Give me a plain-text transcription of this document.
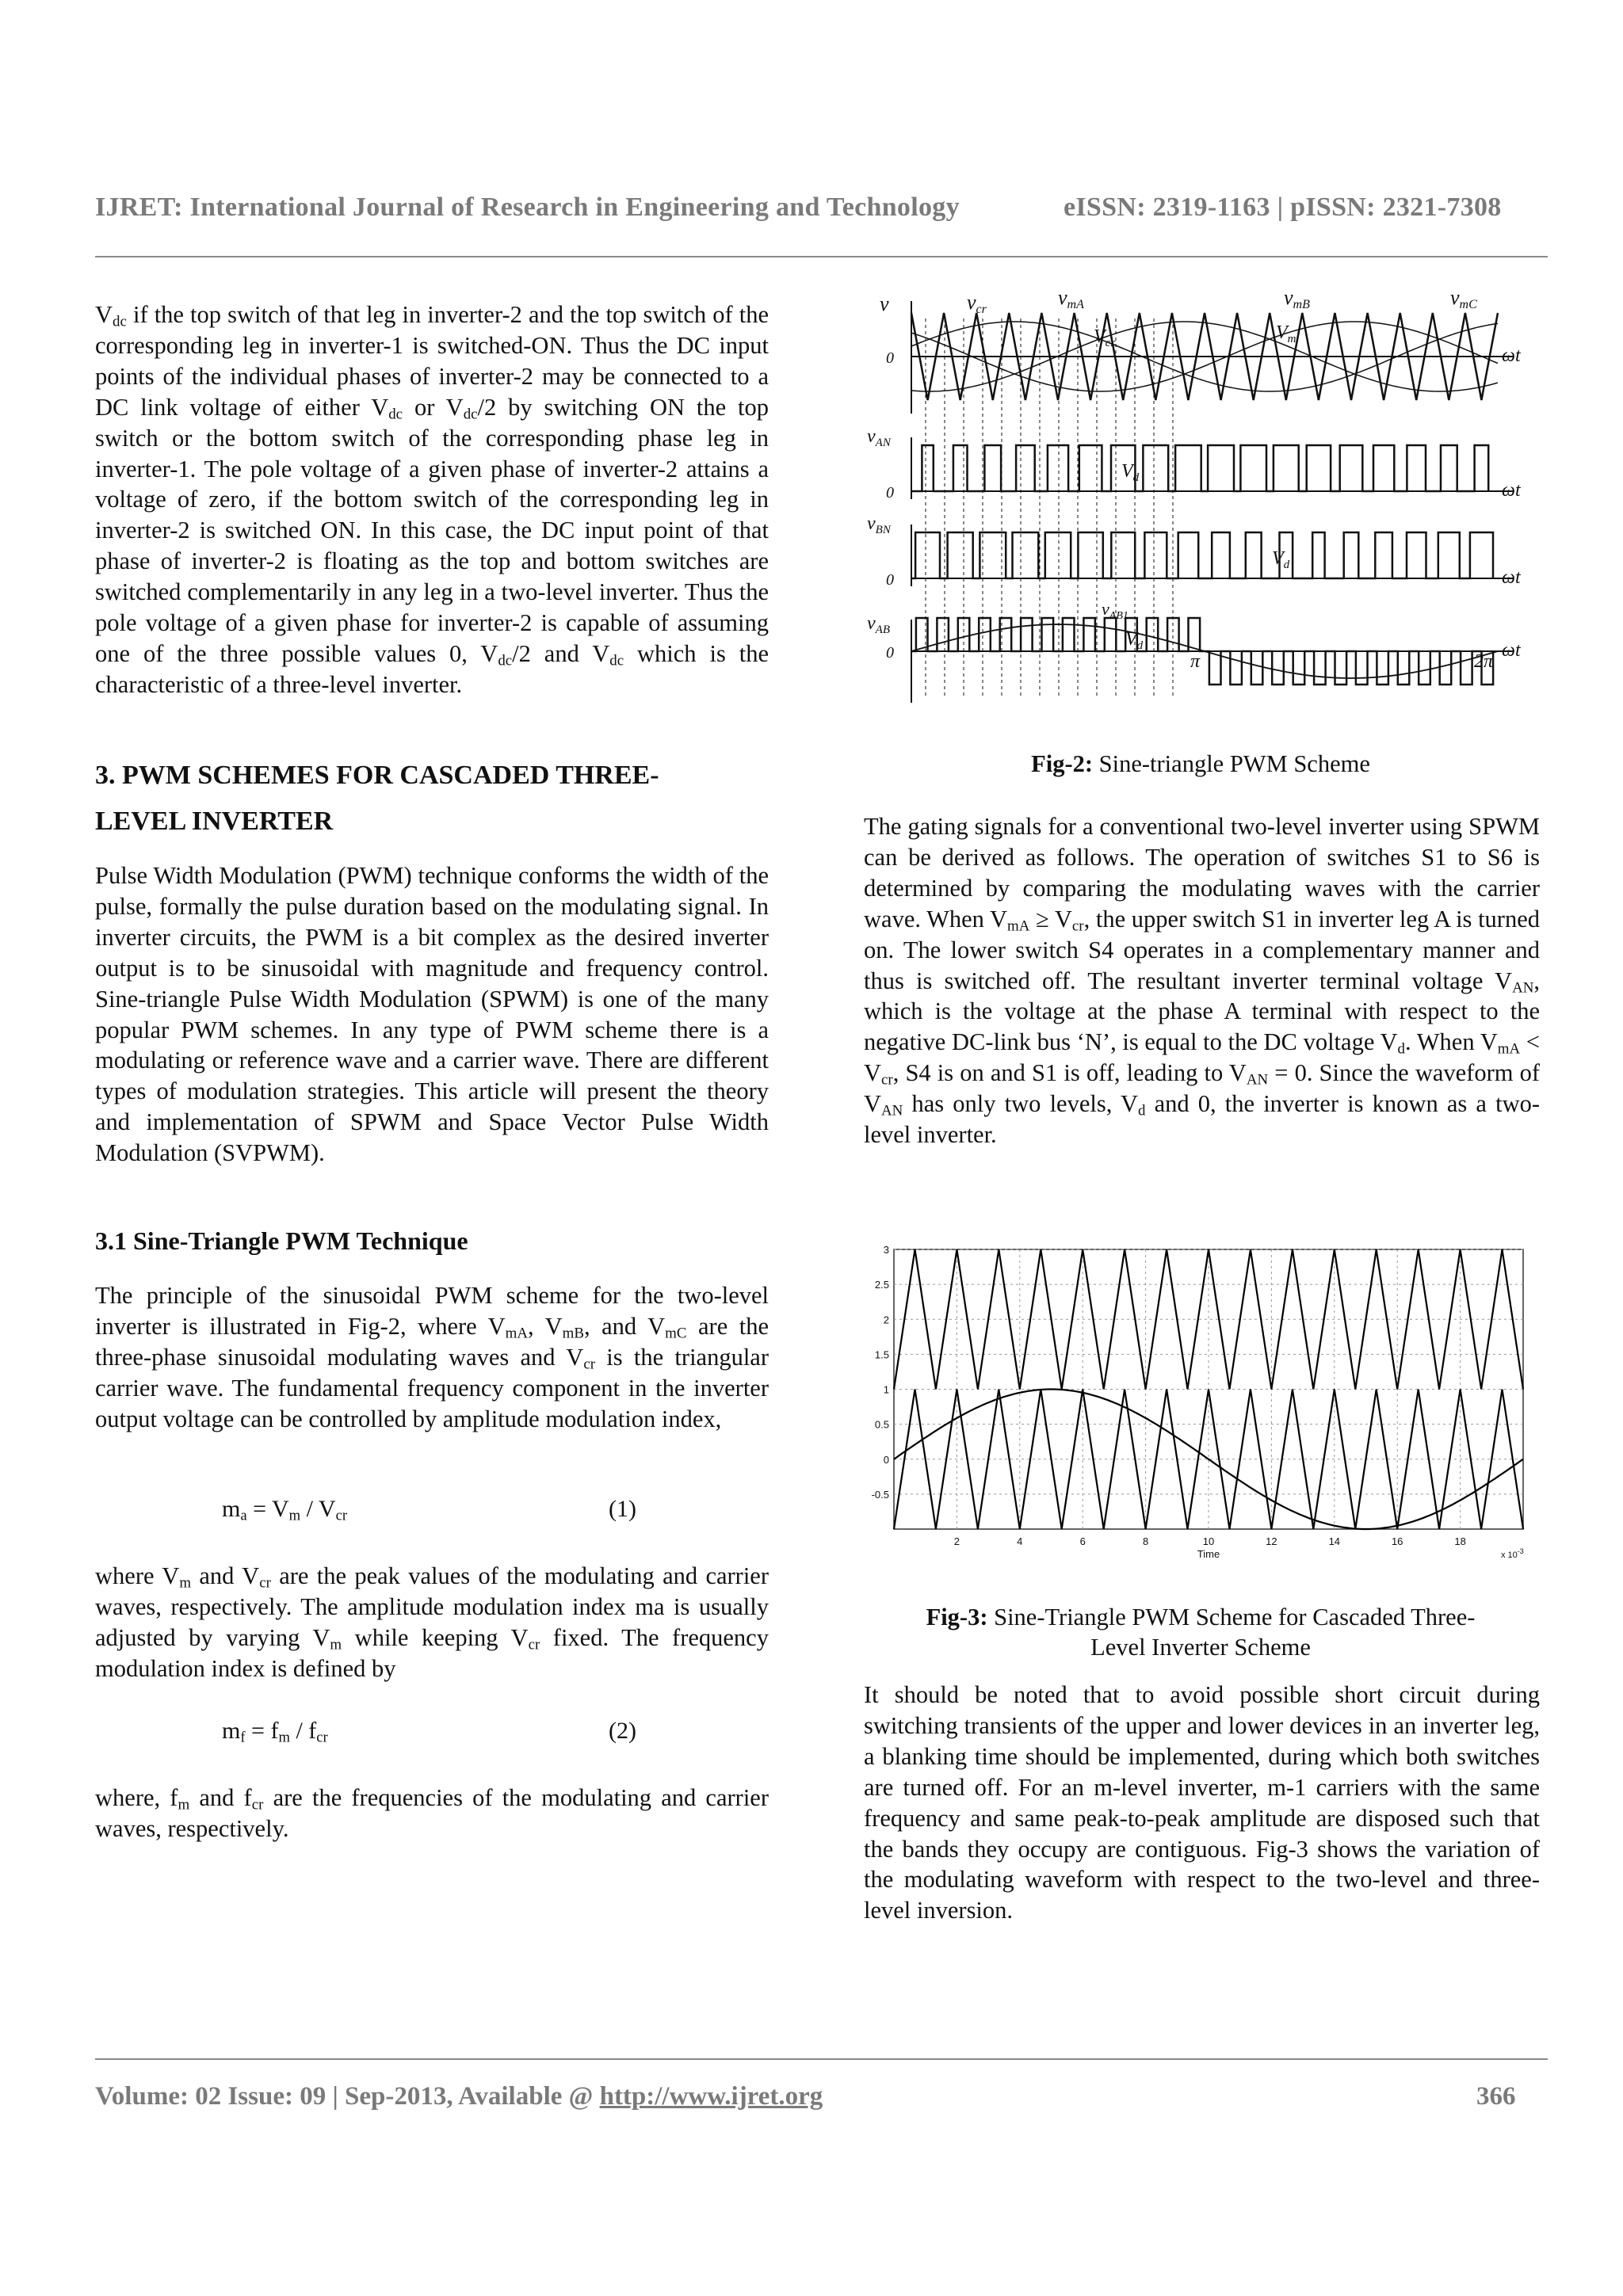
IJRET: International Journal of Research in Engineering and Technology	eISSN: 2319-1163 | pISSN: 2321-7308

$V_{dc}$ if the top switch of that leg in inverter-2 and the top switch of the corresponding leg in inverter-1 is switched-ON. Thus the DC input points of the individual phases of inverter-2 may be connected to a DC link voltage of either $V_{dc}$ or $V_{dc}/2$ by switching ON the top switch or the bottom switch of the corresponding phase leg in inverter-1. The pole voltage of a given phase of inverter-2 attains a voltage of zero, if the bottom switch of the corresponding leg in inverter-2 is switched ON. In this case, the DC input point of that phase of inverter-2 is floating as the top and bottom switches are switched complementarily in any leg in a two-level inverter. Thus the pole voltage of a given phase for inverter-2 is capable of assuming one of the three possible values 0, $V_{dc}/2$ and $V_{dc}$ which is the characteristic of a three-level inverter.

3. PWM SCHEMES FOR CASCADED THREE-
LEVEL INVERTER

Pulse Width Modulation (PWM) technique conforms the width of the pulse, formally the pulse duration based on the modulating signal. In inverter circuits, the PWM is a bit complex as the desired inverter output is to be sinusoidal with magnitude and frequency control. Sine-triangle Pulse Width Modulation (SPWM) is one of the many popular PWM schemes. In any type of PWM scheme there is a modulating or reference wave and a carrier wave. There are different types of modulation strategies. This article will present the theory and implementation of SPWM and Space Vector Pulse Width Modulation (SVPWM).

3.1 Sine-Triangle PWM Technique

The principle of the sinusoidal PWM scheme for the two-level inverter is illustrated in Fig-2, where $V_{mA}$, $V_{mB}$, and $V_{mC}$ are the three-phase sinusoidal modulating waves and $V_{cr}$ is the triangular carrier wave. The fundamental frequency component in the inverter output voltage can be controlled by amplitude modulation index,

$m_a = V_m / V_{cr}$	(1)

where $V_m$ and $V_{cr}$ are the peak values of the modulating and carrier waves, respectively. The amplitude modulation index ma is usually adjusted by varying $V_m$ while keeping $V_{cr}$ fixed. The frequency modulation index is defined by

$m_f = f_m / f_{cr}$	(2)

where, $f_m$ and $f_{cr}$ are the frequencies of the modulating and carrier waves, respectively.

v
0
vcr
vmA	vmB	vmC
$V_{cr}$	$V_m$
ωt
$v_{AN}$
0	ωt
$v_{BN}$
0	ωt
$V_d$
$V_d$
$v_{AB}$
$v_{AB1}$
$V_d$
0	π	2π
ωt
Fig-2: Sine-triangle PWM Scheme

The gating signals for a conventional two-level inverter using SPWM can be derived as follows. The operation of switches S1 to S6 is determined by comparing the modulating waves with the carrier wave. When $V_{mA} \ge V_{cr}$, the upper switch S1 in inverter leg A is turned on. The lower switch S4 operates in a complementary manner and thus is switched off. The resultant inverter terminal voltage $V_{AN}$, which is the voltage at the phase A terminal with respect to the negative DC-link bus ‘N’, is equal to the DC voltage $V_d$. When $V_{mA} < V_{cr}$, S4 is on and S1 is off, leading to $V_{AN} = 0$. Since the waveform of $V_{AN}$ has only two levels, $V_d$ and 0, the inverter is known as a two-level inverter.

2	4	6	8	10	12	14	16	18
-0.5
0
0.5
1
1.5
2
2.5
3
Time	x $10^{-3}$
Fig-3: Sine-Triangle PWM Scheme for Cascaded Three-
Level Inverter Scheme

It should be noted that to avoid possible short circuit during switching transients of the upper and lower devices in an inverter leg, a blanking time should be implemented, during which both switches are turned off. For an m-level inverter, m-1 carriers with the same frequency and same peak-to-peak amplitude are disposed such that the bands they occupy are contiguous. Fig-3 shows the variation of the modulating waveform with respect to the two-level and three-level inversion.

Volume: 02 Issue: 09 | Sep-2013, Available @ http://www.ijret.org	366
